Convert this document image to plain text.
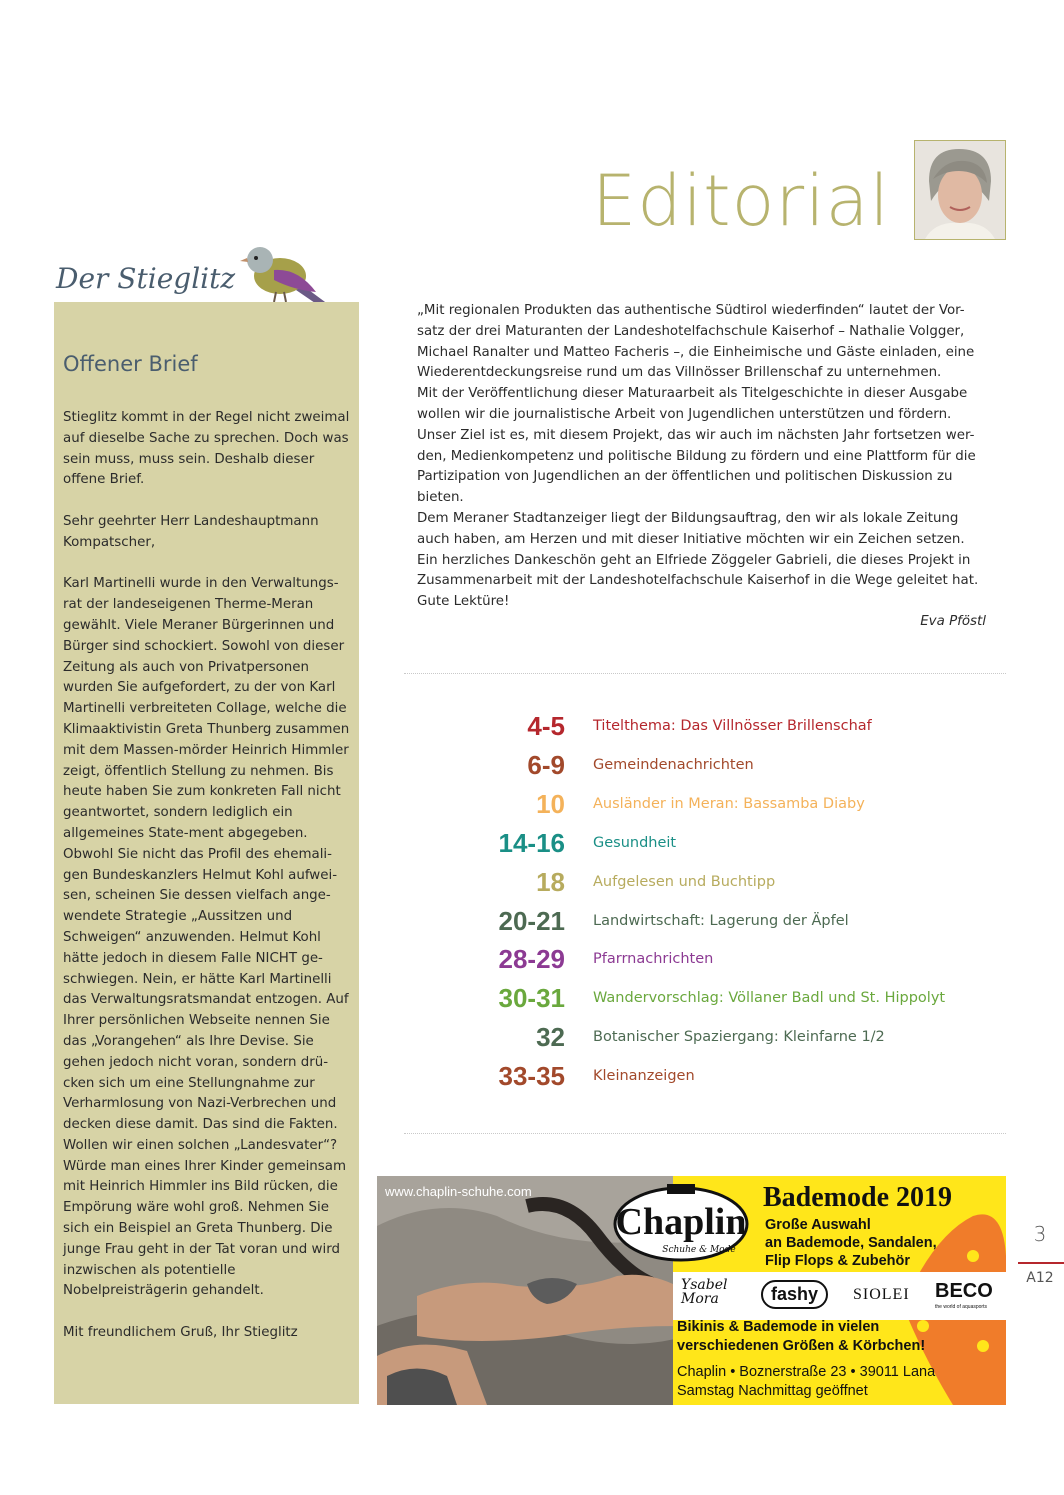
Editorial
Der Stieglitz
Offener Brief

Stieglitz kommt in der Regel nicht zweimal auf dieselbe Sache zu sprechen. Doch was sein muss, muss sein. Deshalb dieser offene Brief.

Sehr geehrter Herr Landeshauptmann Kompatscher,

Karl Martinelli wurde in den Verwaltungs-rat der landeseigenen Therme-Meran gewählt. Viele Meraner Bürgerinnen und Bürger sind schockiert. Sowohl von dieser Zeitung als auch von Privatpersonen wurden Sie aufgefordert, zu der von Karl Martinelli verbreiteten Collage, welche die Klimaaktivistin Greta Thunberg zusammen mit dem Massen-mörder Heinrich Himmler zeigt, öffentlich Stellung zu nehmen. Bis heute haben Sie zum konkreten Fall nicht geantwortet, sondern lediglich ein allgemeines State-ment abgegeben. Obwohl Sie nicht das Profil des ehemali-gen Bundeskanzlers Helmut Kohl aufwei-sen, scheinen Sie dessen vielfach ange-wendete Strategie „Aussitzen und Schweigen“ anzuwenden. Helmut Kohl hätte jedoch in diesem Falle NICHT ge-schwiegen. Nein, er hätte Karl Martinelli das Verwaltungsratsmandat entzogen. Auf Ihrer persönlichen Webseite nennen Sie das „Vorangehen“ als Ihre Devise. Sie gehen jedoch nicht voran, sondern drü-cken sich um eine Stellungnahme zur Verharmlosung von Nazi-Verbrechen und decken diese damit. Das sind die Fakten. Wollen wir einen solchen „Landesvater“? Würde man eines Ihrer Kinder gemeinsam mit Heinrich Himmler ins Bild rücken, die Empörung wäre wohl groß. Nehmen Sie sich ein Beispiel an Greta Thunberg. Die junge Frau geht in der Tat voran und wird inzwischen als potentielle Nobelpreisträgerin gehandelt.

Mit freundlichem Gruß, Ihr Stieglitz

„Mit regionalen Produkten das authentische Südtirol wiederfinden“ lautet der Vor-

satz der drei Maturanten der Landeshotelfachschule Kaiserhof – Nathalie Volgger,

Michael Ranalter und Matteo Facheris –, die Einheimische und Gäste einladen, eine

Wiederentdeckungsreise rund um das Villnösser Brillenschaf zu unternehmen.

Mit der Veröffentlichung dieser Maturaarbeit als Titelgeschichte in dieser Ausgabe

wollen wir die journalistische Arbeit von Jugendlichen unterstützen und fördern.

Unser Ziel ist es, mit diesem Projekt, das wir auch im nächsten Jahr fortsetzen wer-

den, Medienkompetenz und politische Bildung zu fördern und eine Plattform für die

Partizipation von Jugendlichen an der öffentlichen und politischen Diskussion zu

bieten.

Dem Meraner Stadtanzeiger liegt der Bildungsauftrag, den wir als lokale Zeitung

auch haben, am Herzen und mit dieser Initiative möchten wir ein Zeichen setzen.

Ein herzliches Dankeschön geht an Elfriede Zöggeler Gabrieli, die dieses Projekt in

Zusammenarbeit mit der Landeshotelfachschule Kaiserhof in die Wege geleitet hat.

Gute Lektüre!

Eva Pföstl
4-5 Titelthema: Das Villnösser Brillenschaf
6-9 Gemeindenachrichten
10 Ausländer in Meran: Bassamba Diaby
14-16 Gesundheit
18 Aufgelesen und Buchtipp
20-21 Landwirtschaft: Lagerung der Äpfel
28-29 Pfarrnachrichten
30-31 Wandervorschlag: Völlaner Badl und St. Hippolyt
32 Botanischer Spaziergang: Kleinfarne 1/2
33-35 Kleinanzeigen
www.chaplin-schuhe.com
Chaplin
Schuhe & Mode
Bademode 2019
Große Auswahl
an Bademode, Sandalen,
Flip Flops & Zubehör
Ysabel Mora	fashy	SIOLEI BECO
the world of aquasports
Bikinis & Bademode in vielen
verschiedenen Größen & Körbchen!
Chaplin • Boznerstraße 23 • 39011 Lana
Samstag Nachmittag geöffnet
3
A12
